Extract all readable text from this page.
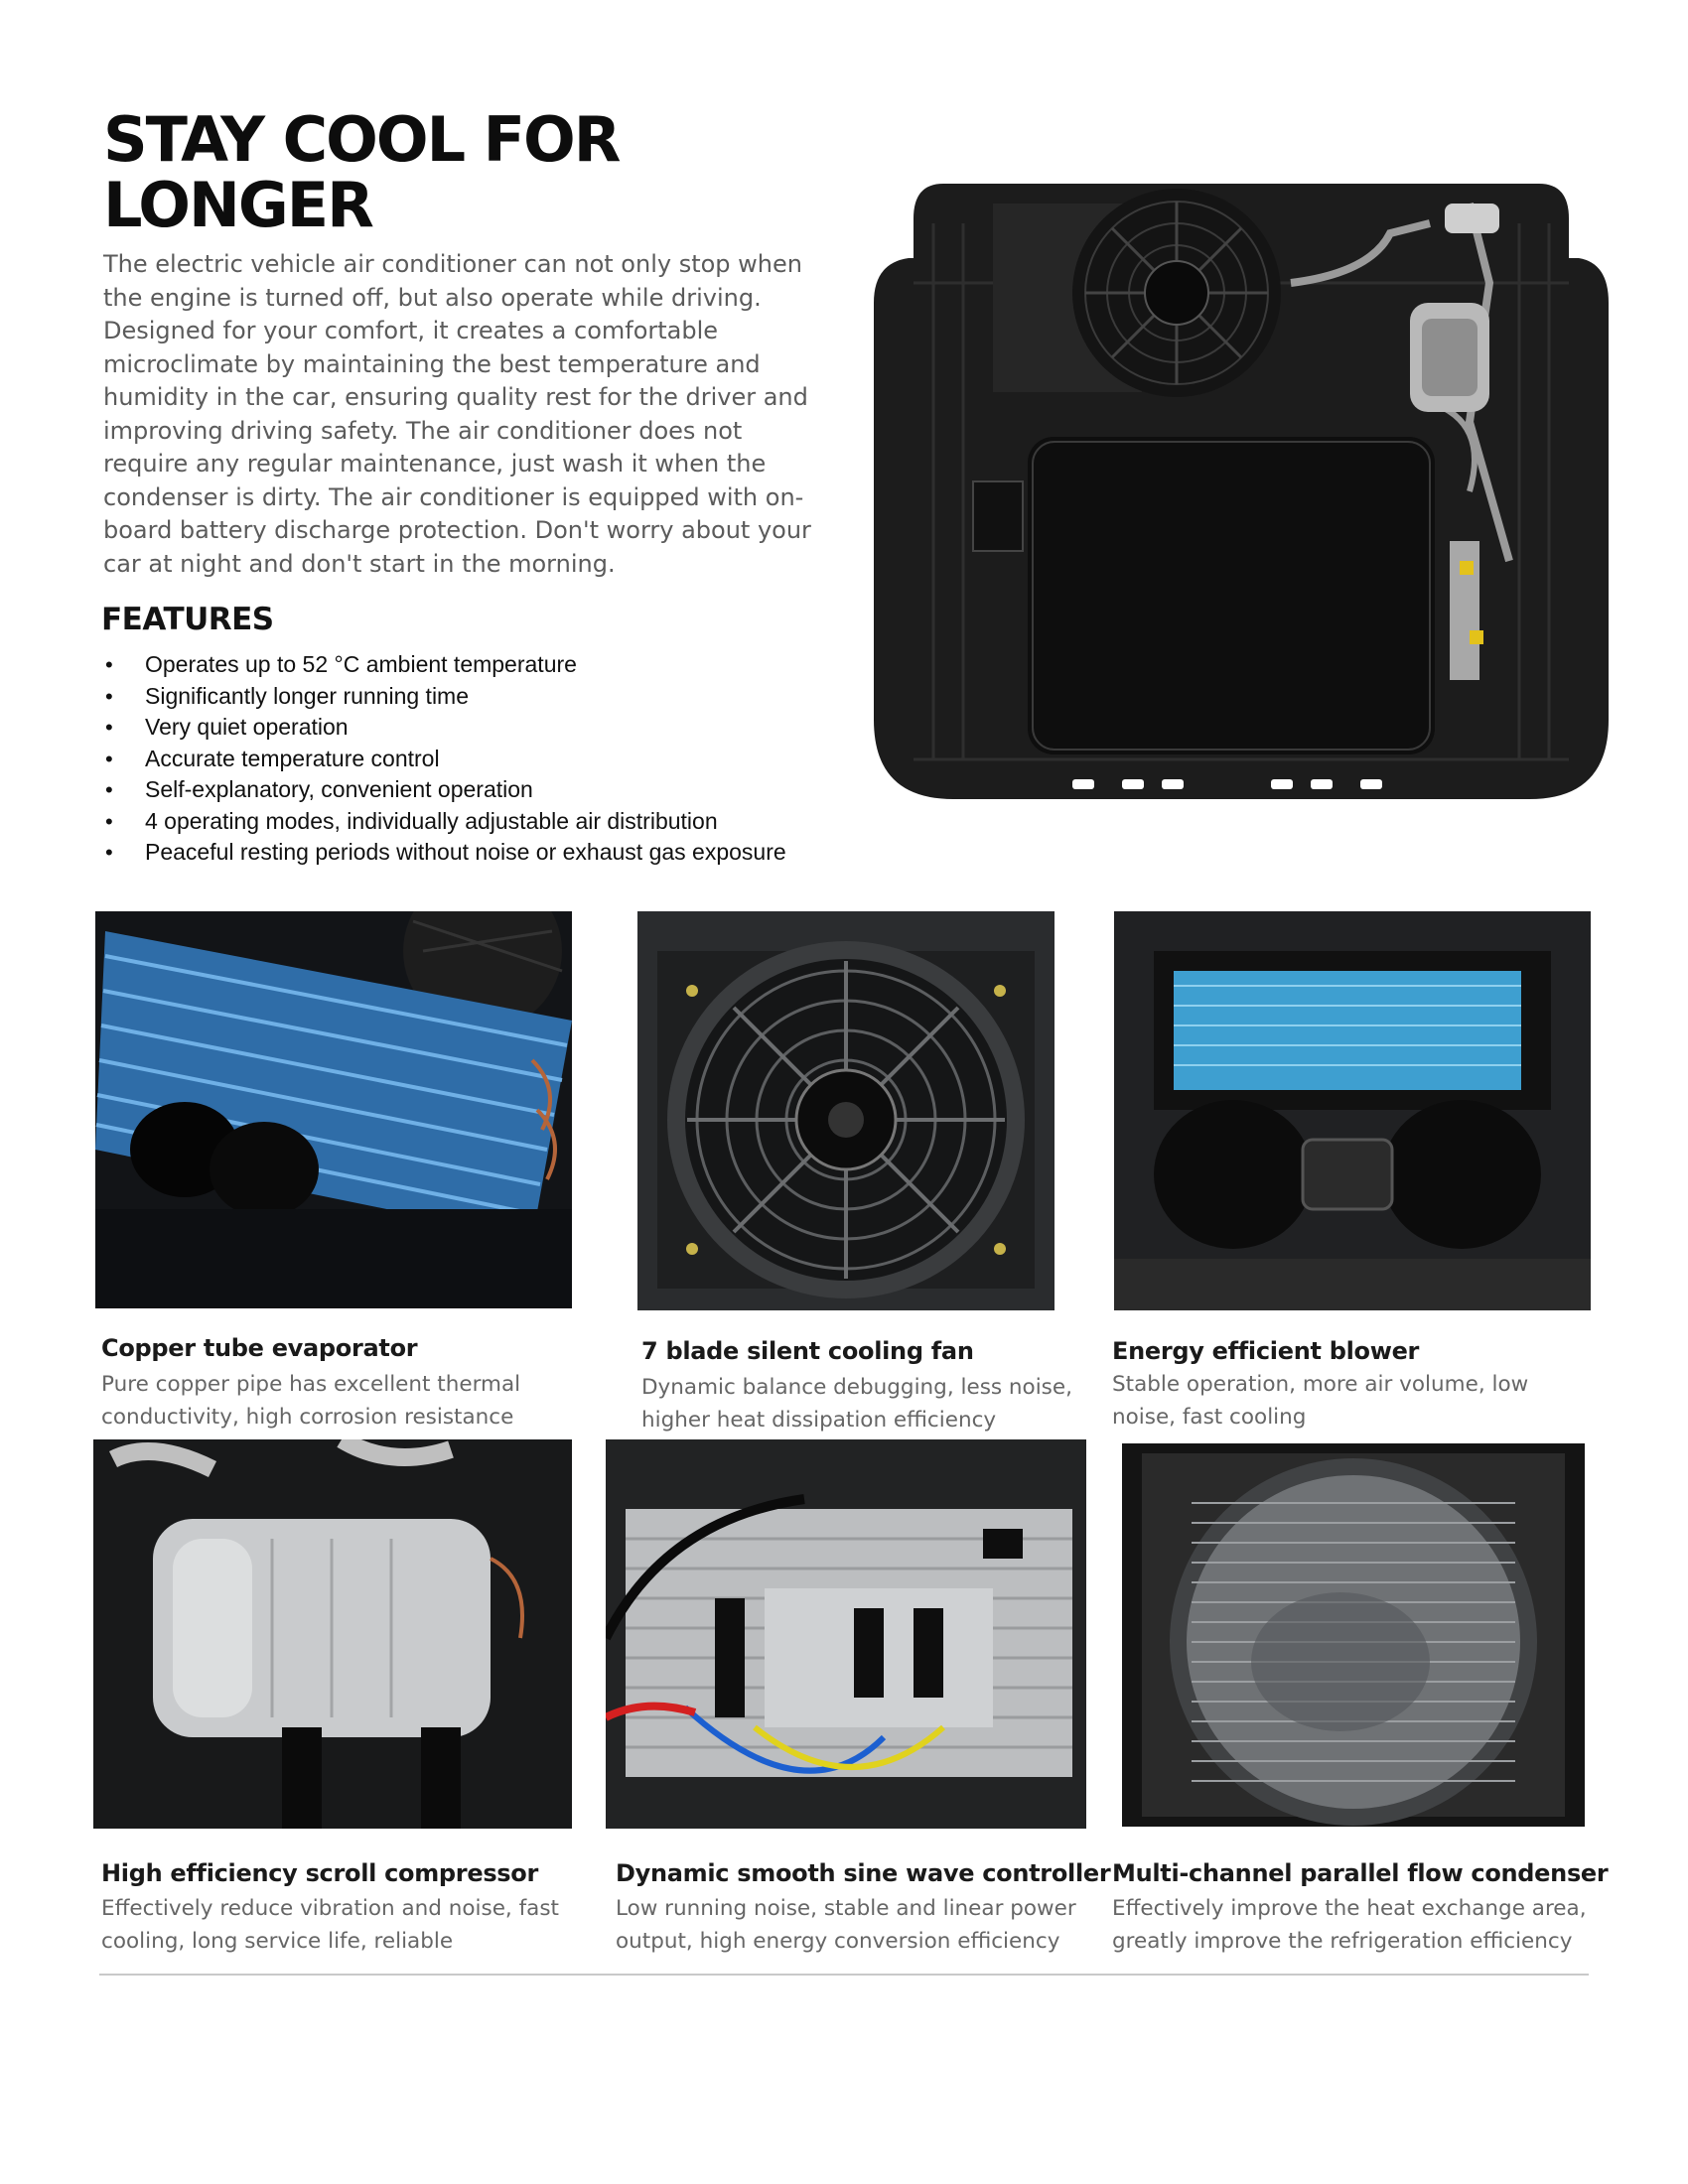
STAY COOL FOR LONGER

The electric vehicle air conditioner can not only stop when the engine is turned off, but also operate while driving. Designed for your comfort, it creates a comfortable microclimate by maintaining the best temperature and humidity in the car, ensuring quality rest for the driver and improving driving safety. The air conditioner does not require any regular maintenance, just wash it when the condenser is dirty. The air conditioner is equipped with on-board battery discharge protection. Don't worry about your car at night and don't start in the morning.

FEATURES
• Operates up to 52 °C ambient temperature
• Significantly longer running time
• Very quiet operation
• Accurate temperature control
• Self-explanatory, convenient operation
• 4 operating modes, individually adjustable air distribution
• Peaceful resting periods without noise or exhaust gas exposure
Copper tube evaporator

Pure copper pipe has excellent thermal conductivity, high corrosion resistance

7 blade silent cooling fan

Dynamic balance debugging, less noise, higher heat dissipation efficiency

Energy efficient blower

Stable operation, more air volume, low noise, fast cooling

High efficiency scroll compressor

Effectively reduce vibration and noise, fast cooling, long service life, reliable

Dynamic smooth sine wave controller

Low running noise, stable and linear power output, high energy conversion efficiency

Multi-channel parallel flow condenser

Effectively improve the heat exchange area, greatly improve the refrigeration efficiency
